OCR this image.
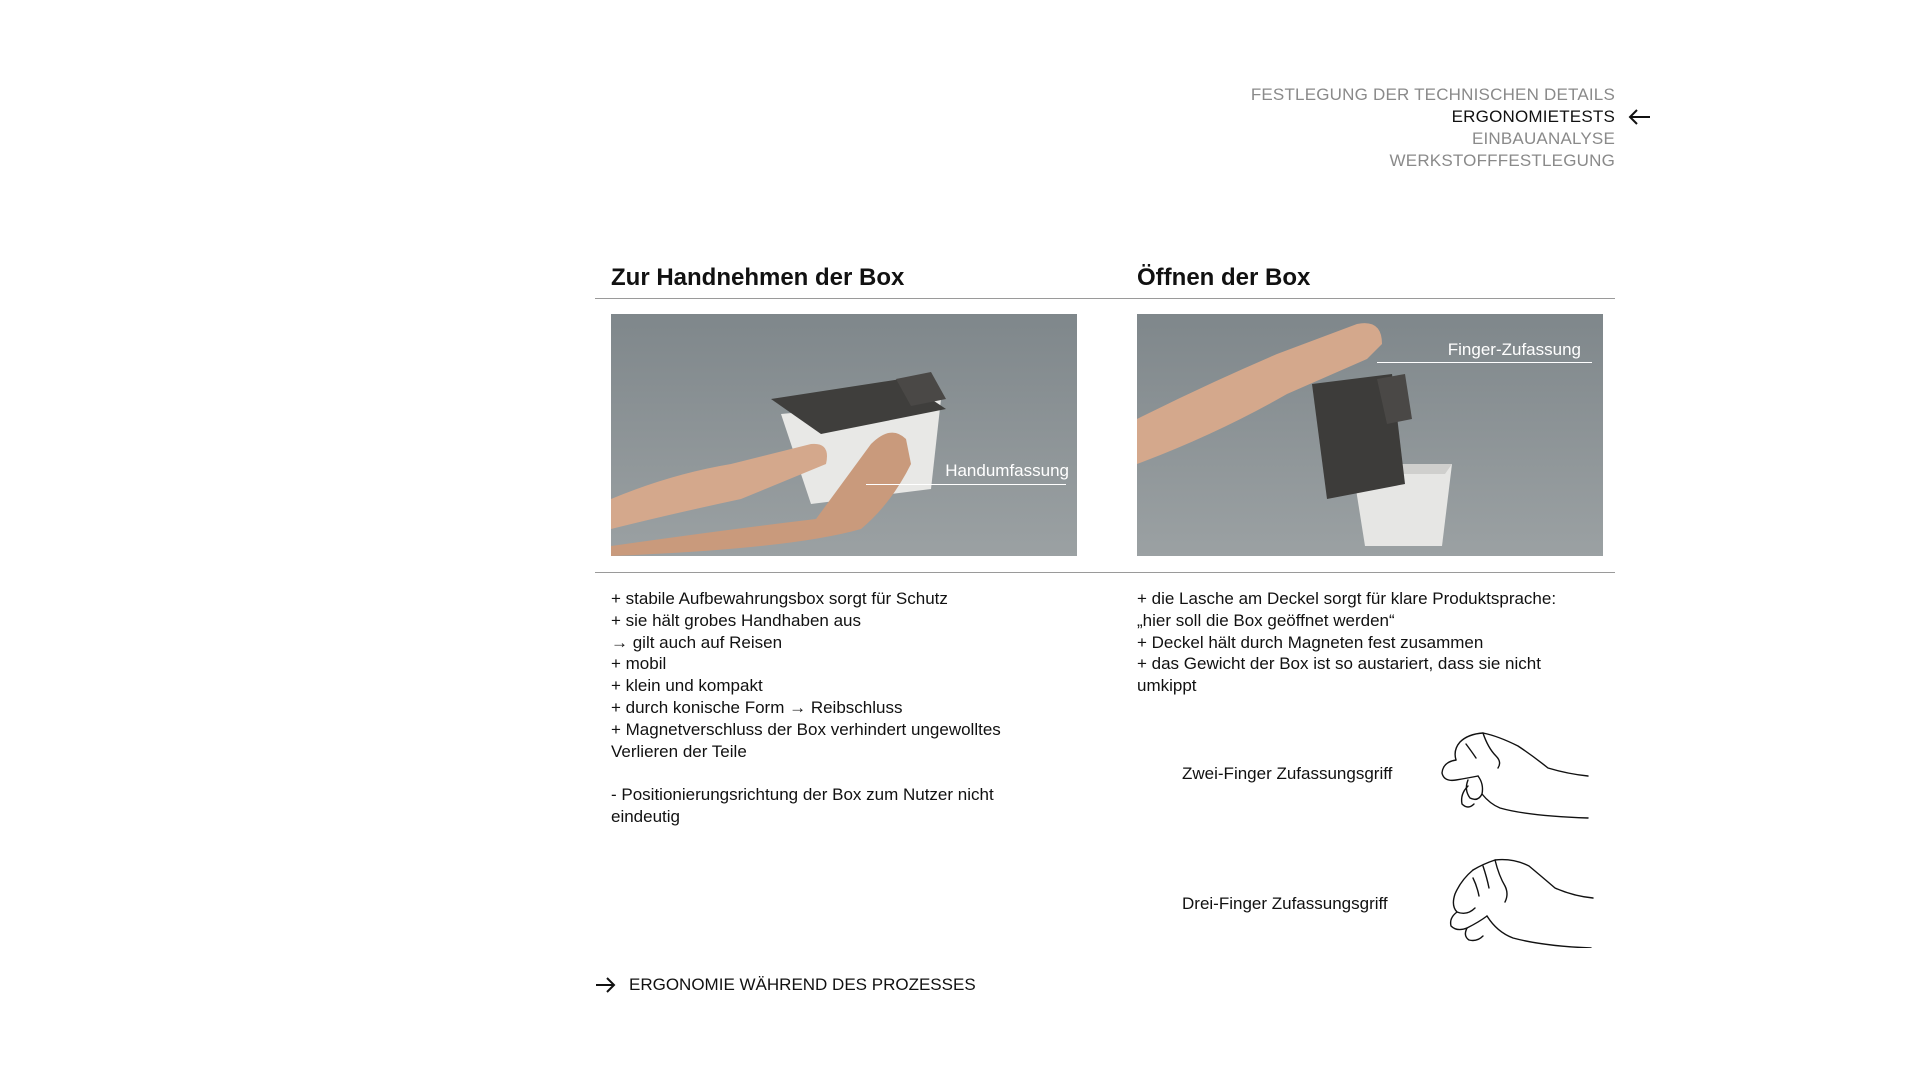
FESTLEGUNG DER TECHNISCHEN DETAILS
ERGONOMIETESTS
EINBAUANALYSE
WERKSTOFFFESTLEGUNG
Zur Handnehmen der Box	Öffnen der Box
Handumfassung
Finger-Zufassung
+ stabile Aufbewahrungsbox sorgt für Schutz
+ sie hält grobes Handhaben aus
→ gilt auch auf Reisen
+ mobil
+ klein und kompakt
+ durch konische Form → Reibschluss
+ Magnetverschluss der Box verhindert ungewolltes
Verlieren der Teile

- Positionierungsrichtung der Box zum Nutzer nicht
eindeutig
+ die Lasche am Deckel sorgt für klare Produktsprache:
„hier soll die Box geöffnet werden“
+ Deckel hält durch Magneten fest zusammen
+ das Gewicht der Box ist so austariert, dass sie nicht
umkippt
Zwei-Finger Zufassungsgriff
Drei-Finger Zufassungsgriff
ERGONOMIE WÄHREND DES PROZESSES
